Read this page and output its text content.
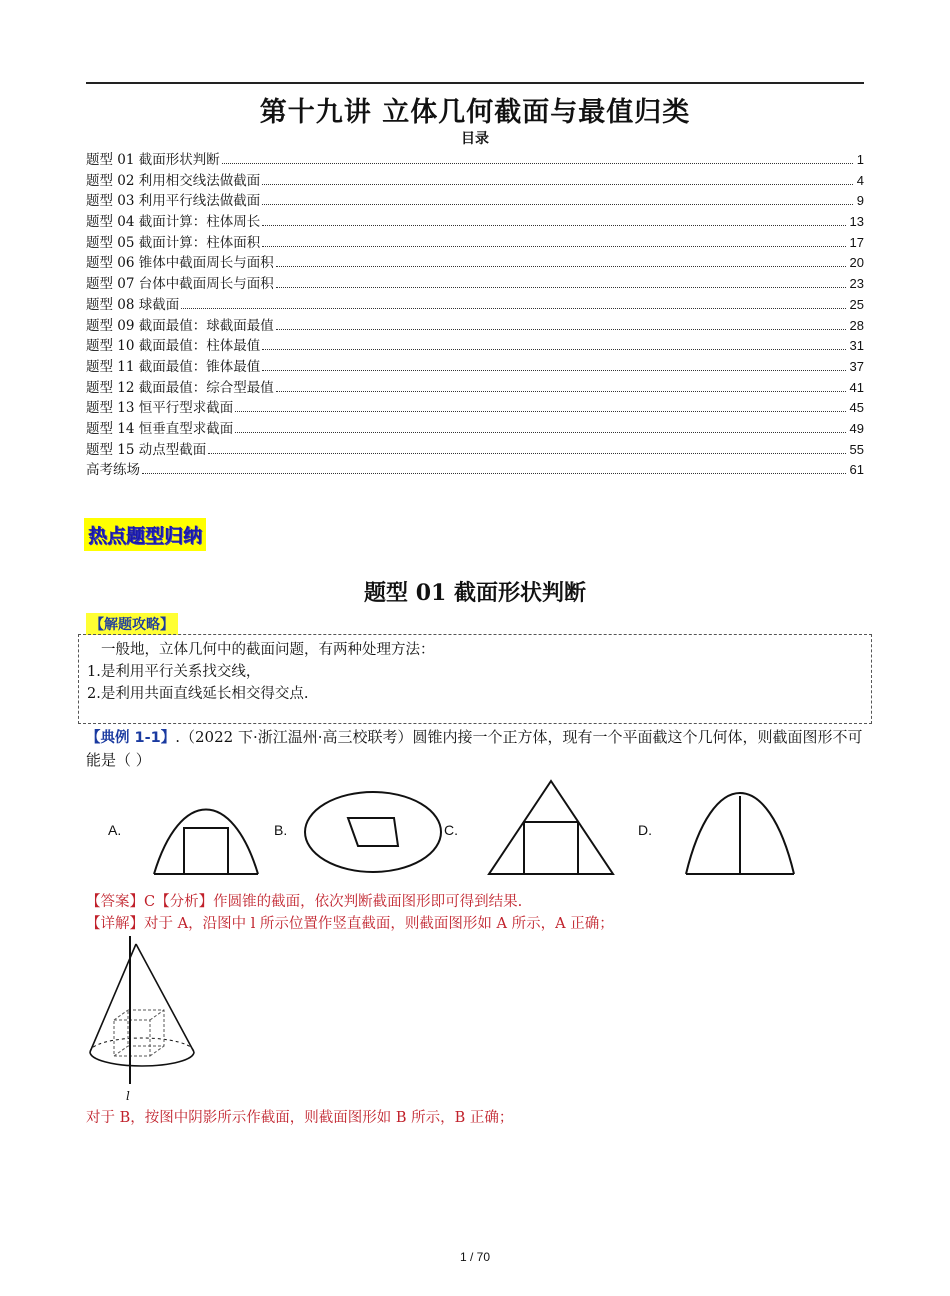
第十九讲 立体几何截面与最值归类
目录
题型 01 截面形状判断	1
题型 02 利用相交线法做截面	4
题型 03 利用平行线法做截面	9
题型 04 截面计算：柱体周长	13
题型 05 截面计算：柱体面积	17
题型 06 锥体中截面周长与面积	20
题型 07 台体中截面周长与面积	23
题型 08 球截面	25
题型 09 截面最值：球截面最值	28
题型 10 截面最值：柱体最值	31
题型 11 截面最值：锥体最值	37
题型 12 截面最值：综合型最值	41
题型 13 恒平行型求截面	45
题型 14 恒垂直型求截面	49
题型 15 动点型截面	55
高考练场	61
热点题型归纳
题型 01 截面形状判断
【解题攻略】
一般地，立体几何中的截面问题，有两种处理方法：
1.是利用平行关系找交线，
2.是利用共面直线延长相交得交点.
【典例 1-1】.（2022 下·浙江温州·高三校联考）圆锥内接一个正方体，现有一个平面截这个几何体，则截面图形不可能是（ ）
A.	B.	C.	D.
【答案】C【分析】作圆锥的截面，依次判断截面图形即可得到结果.
【详解】对于 A，沿图中 l 所示位置作竖直截面，则截面图形如 A 所示，A 正确；
l
对于 B，按图中阴影所示作截面，则截面图形如 B 所示，B 正确；
1 / 70
